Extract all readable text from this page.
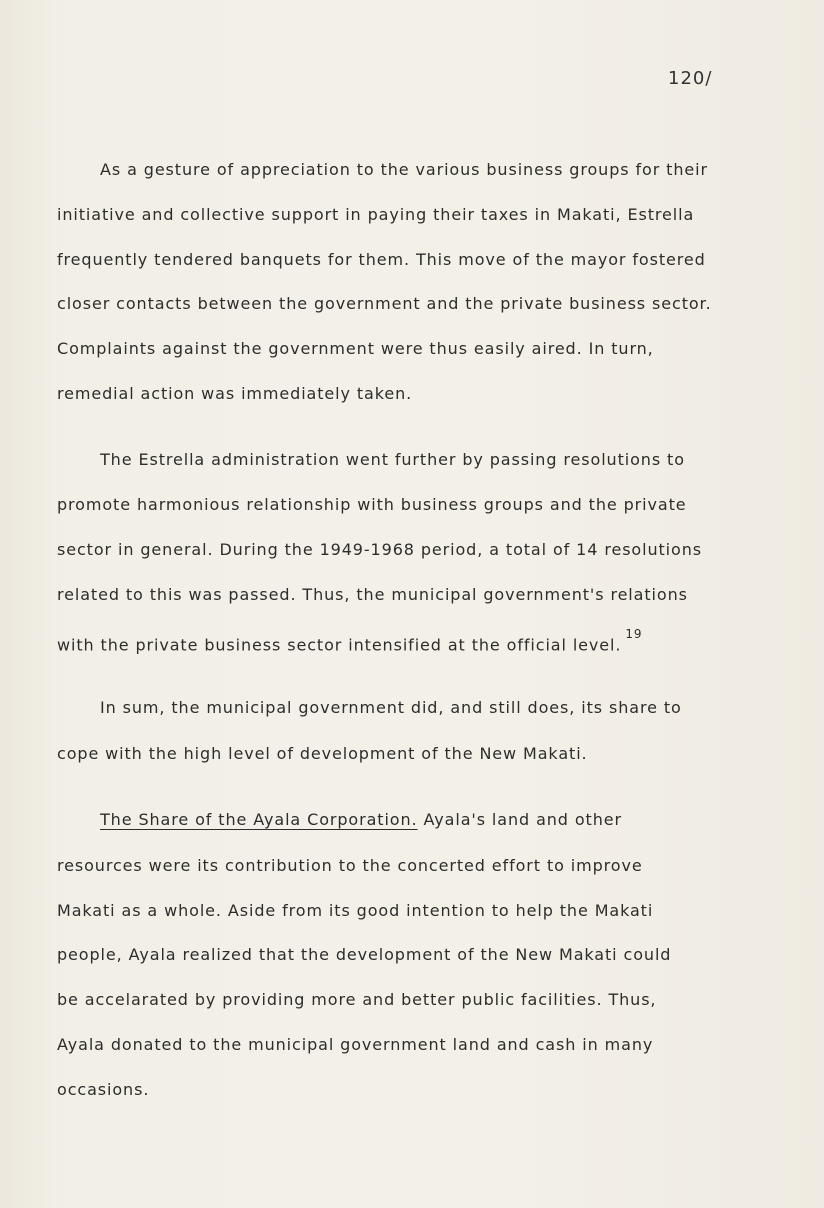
120/
As a gesture of appreciation to the various business groups for their
initiative and collective support in paying their taxes in Makati, Estrella
frequently tendered banquets for them. This move of the mayor fostered
closer contacts between the government and the private business sector.
Complaints against the government were thus easily aired. In turn,
remedial action was immediately taken.
The Estrella administration went further by passing resolutions to
promote harmonious relationship with business groups and the private
sector in general. During the 1949-1968 period, a total of 14 resolutions
related to this was passed. Thus, the municipal government's relations
with the private business sector intensified at the official level.$^{19}$
In sum, the municipal government did, and still does, its share to
cope with the high level of development of the New Makati.
The Share of the Ayala Corporation. Ayala's land and other
resources were its contribution to the concerted effort to improve
Makati as a whole. Aside from its good intention to help the Makati
people, Ayala realized that the development of the New Makati could
be accelarated by providing more and better public facilities. Thus,
Ayala donated to the municipal government land and cash in many
occasions.
